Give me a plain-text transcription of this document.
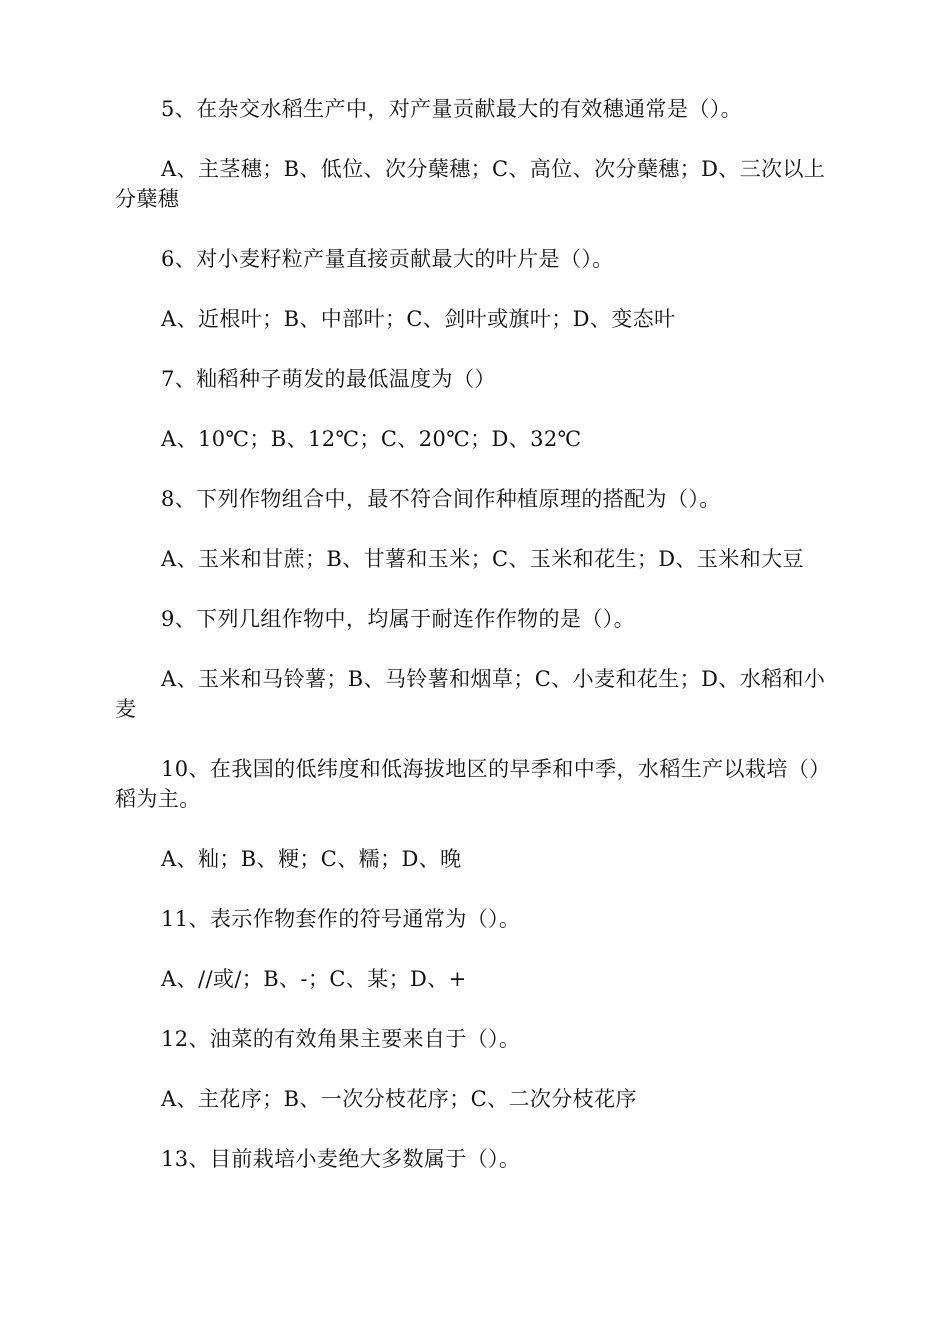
5、在杂交水稻生产中，对产量贡献最大的有效穗通常是（）。

A、主茎穗；B、低位、次分蘖穗；C、高位、次分蘖穗；D、三次以上分蘖穗

6、对小麦籽粒产量直接贡献最大的叶片是（）。

A、近根叶；B、中部叶；C、剑叶或旗叶；D、变态叶

7、籼稻种子萌发的最低温度为（）

A、10℃；B、12℃；C、20℃；D、32℃

8、下列作物组合中，最不符合间作种植原理的搭配为（）。

A、玉米和甘蔗；B、甘薯和玉米；C、玉米和花生；D、玉米和大豆

9、下列几组作物中，均属于耐连作作物的是（）。

A、玉米和马铃薯；B、马铃薯和烟草；C、小麦和花生；D、水稻和小麦

10、在我国的低纬度和低海拔地区的早季和中季，水稻生产以栽培（）稻为主。

A、籼；B、粳；C、糯；D、晚

11、表示作物套作的符号通常为（）。

A、//或/；B、-；C、某；D、+

12、油菜的有效角果主要来自于（）。

A、主花序；B、一次分枝花序；C、二次分枝花序

13、目前栽培小麦绝大多数属于（）。
